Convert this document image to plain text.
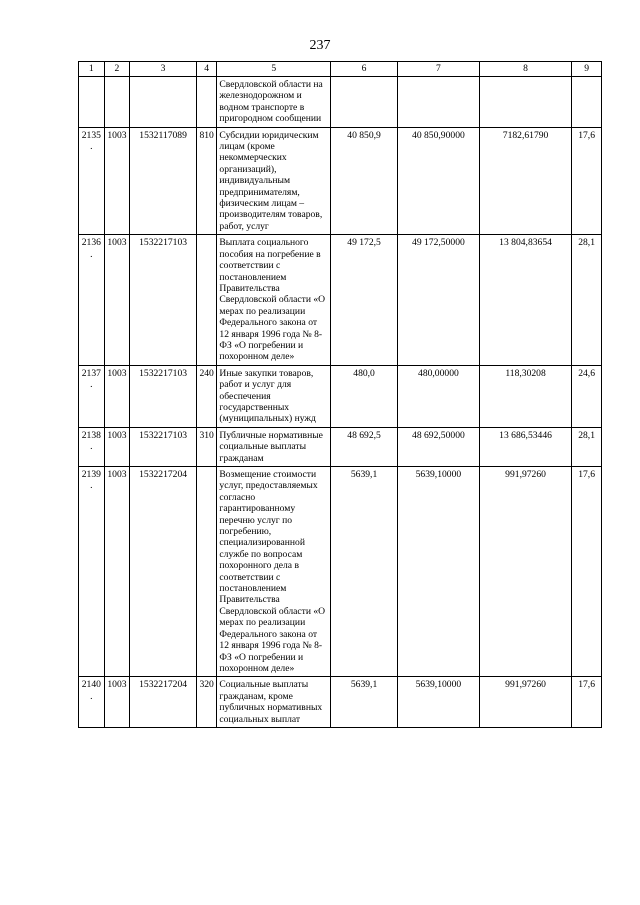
237
1	2	3	4	5	6	7	8	9
				Свердловской области на железнодорожном и водном транспорте в пригородном сообщении				
2135.	1003	1532117089	810	Субсидии юридическим лицам (кроме некоммерческих организаций), индивидуальным предпринимателям, физическим лицам – производителям товаров, работ, услуг	40 850,9	40 850,90000	7182,61790	17,6
2136.	1003	1532217103		Выплата социального пособия на погребение в соответствии с постановлением Правительства Свердловской области «О мерах по реализации Федерального закона от 12 января 1996 года № 8-ФЗ «О погребении и похоронном деле»	49 172,5	49 172,50000	13 804,83654	28,1
2137.	1003	1532217103	240	Иные закупки товаров, работ и услуг для обеспечения государственных (муниципальных) нужд	480,0	480,00000	118,30208	24,6
2138.	1003	1532217103	310	Публичные нормативные социальные выплаты гражданам	48 692,5	48 692,50000	13 686,53446	28,1
2139.	1003	1532217204		Возмещение стоимости услуг, предоставляемых согласно гарантированному перечню услуг по погребению, специализированной службе по вопросам похоронного дела в соответствии с постановлением Правительства Свердловской области «О мерах по реализации Федерального закона от 12 января 1996 года № 8-ФЗ «О погребении и похоронном деле»	5639,1	5639,10000	991,97260	17,6
2140.	1003	1532217204	320	Социальные выплаты гражданам, кроме публичных нормативных социальных выплат	5639,1	5639,10000	991,97260	17,6
